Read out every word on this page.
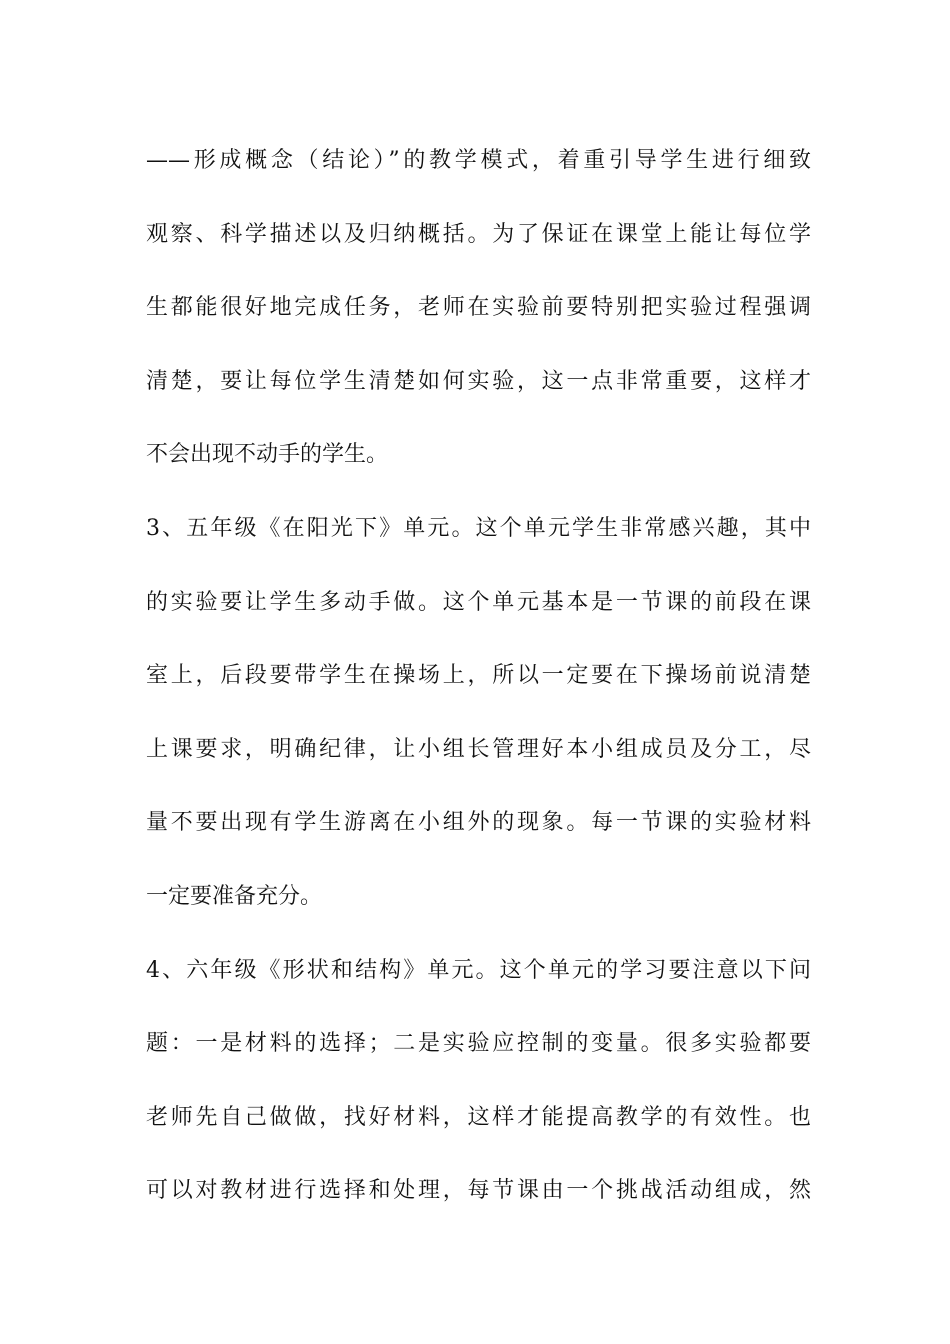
——形成概念（结论）”的教学模式，着重引导学生进行细致
观察、科学描述以及归纳概括。为了保证在课堂上能让每位学
生都能很好地完成任务，老师在实验前要特别把实验过程强调
清楚，要让每位学生清楚如何实验，这一点非常重要，这样才
不会出现不动手的学生。
3、五年级《在阳光下》单元。这个单元学生非常感兴趣，其中
的实验要让学生多动手做。这个单元基本是一节课的前段在课
室上，后段要带学生在操场上，所以一定要在下操场前说清楚
上课要求，明确纪律，让小组长管理好本小组成员及分工，尽
量不要出现有学生游离在小组外的现象。每一节课的实验材料
一定要准备充分。
4、六年级《形状和结构》单元。这个单元的学习要注意以下问
题：一是材料的选择；二是实验应控制的变量。很多实验都要
老师先自己做做，找好材料，这样才能提高教学的有效性。也
可以对教材进行选择和处理，每节课由一个挑战活动组成，然
